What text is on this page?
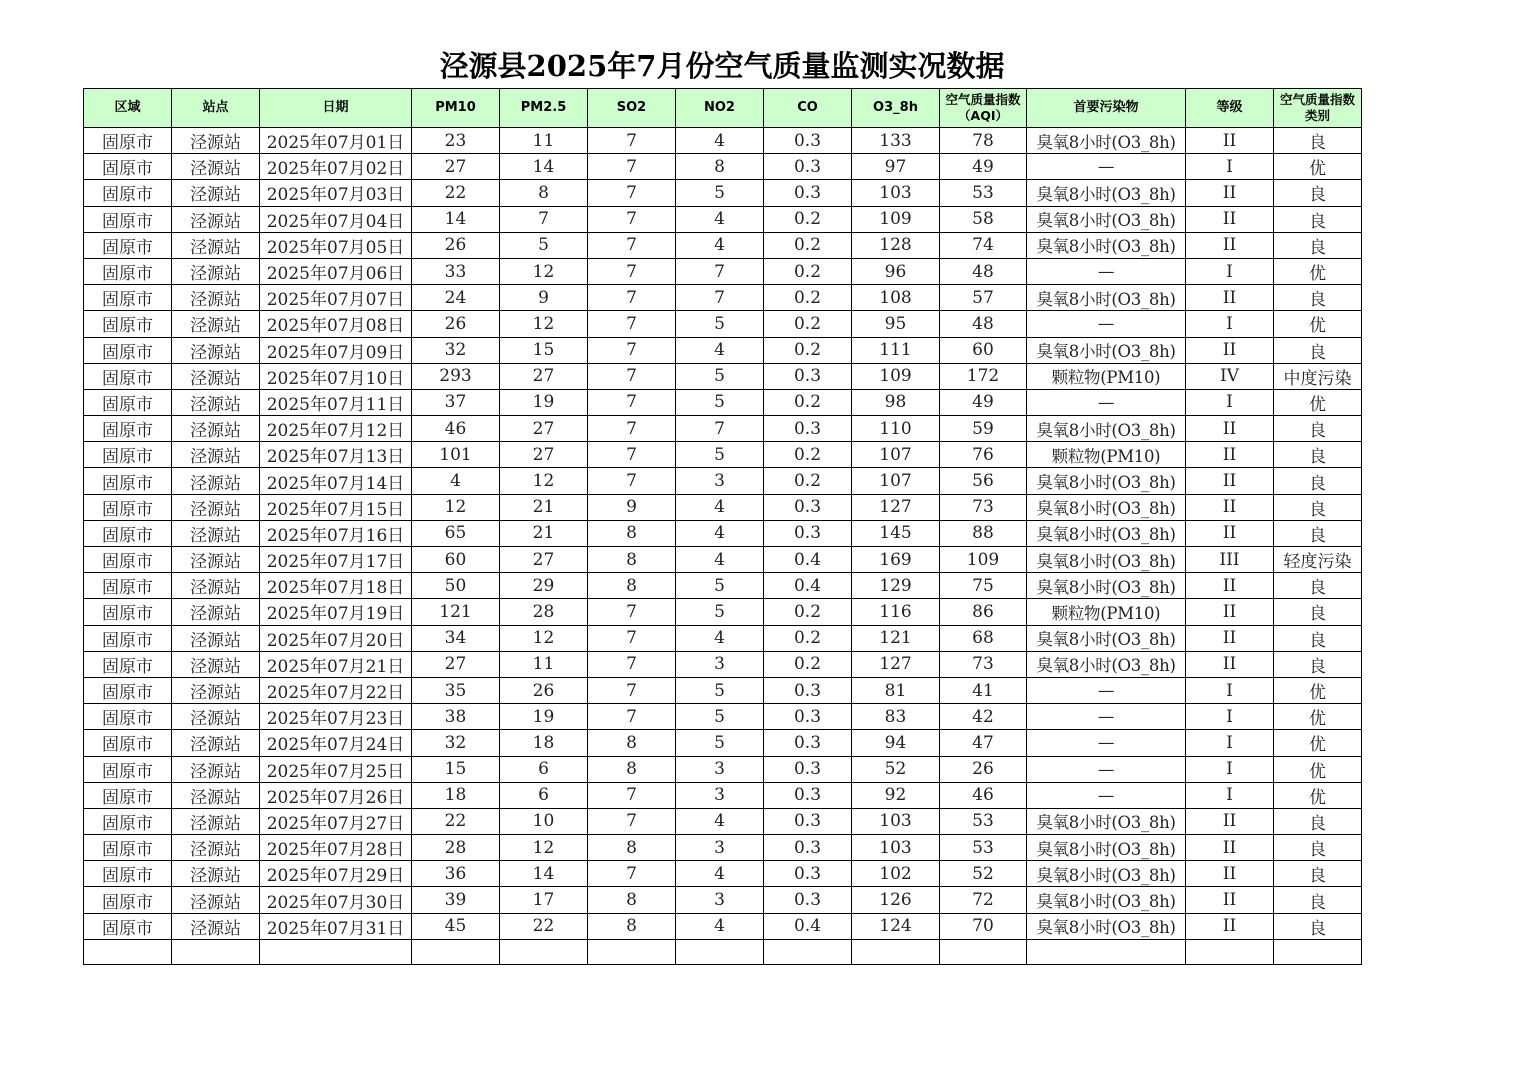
泾源县2025年7月份空气质量监测实况数据
区域	站点	日期	PM10	PM2.5	SO2	NO2	CO	O3_8h	空气质量指数（AQI）	首要污染物	等级	空气质量指数类别
固原市	泾源站	2025年07月01日	23	11	7	4	0.3	133	78	臭氧8小时(O3_8h)	II	良
固原市	泾源站	2025年07月02日	27	14	7	8	0.3	97	49	—	I	优
固原市	泾源站	2025年07月03日	22	8	7	5	0.3	103	53	臭氧8小时(O3_8h)	II	良
固原市	泾源站	2025年07月04日	14	7	7	4	0.2	109	58	臭氧8小时(O3_8h)	II	良
固原市	泾源站	2025年07月05日	26	5	7	4	0.2	128	74	臭氧8小时(O3_8h)	II	良
固原市	泾源站	2025年07月06日	33	12	7	7	0.2	96	48	—	I	优
固原市	泾源站	2025年07月07日	24	9	7	7	0.2	108	57	臭氧8小时(O3_8h)	II	良
固原市	泾源站	2025年07月08日	26	12	7	5	0.2	95	48	—	I	优
固原市	泾源站	2025年07月09日	32	15	7	4	0.2	111	60	臭氧8小时(O3_8h)	II	良
固原市	泾源站	2025年07月10日	293	27	7	5	0.3	109	172	颗粒物(PM10)	IV	中度污染
固原市	泾源站	2025年07月11日	37	19	7	5	0.2	98	49	—	I	优
固原市	泾源站	2025年07月12日	46	27	7	7	0.3	110	59	臭氧8小时(O3_8h)	II	良
固原市	泾源站	2025年07月13日	101	27	7	5	0.2	107	76	颗粒物(PM10)	II	良
固原市	泾源站	2025年07月14日	4	12	7	3	0.2	107	56	臭氧8小时(O3_8h)	II	良
固原市	泾源站	2025年07月15日	12	21	9	4	0.3	127	73	臭氧8小时(O3_8h)	II	良
固原市	泾源站	2025年07月16日	65	21	8	4	0.3	145	88	臭氧8小时(O3_8h)	II	良
固原市	泾源站	2025年07月17日	60	27	8	4	0.4	169	109	臭氧8小时(O3_8h)	III	轻度污染
固原市	泾源站	2025年07月18日	50	29	8	5	0.4	129	75	臭氧8小时(O3_8h)	II	良
固原市	泾源站	2025年07月19日	121	28	7	5	0.2	116	86	颗粒物(PM10)	II	良
固原市	泾源站	2025年07月20日	34	12	7	4	0.2	121	68	臭氧8小时(O3_8h)	II	良
固原市	泾源站	2025年07月21日	27	11	7	3	0.2	127	73	臭氧8小时(O3_8h)	II	良
固原市	泾源站	2025年07月22日	35	26	7	5	0.3	81	41	—	I	优
固原市	泾源站	2025年07月23日	38	19	7	5	0.3	83	42	—	I	优
固原市	泾源站	2025年07月24日	32	18	8	5	0.3	94	47	—	I	优
固原市	泾源站	2025年07月25日	15	6	8	3	0.3	52	26	—	I	优
固原市	泾源站	2025年07月26日	18	6	7	3	0.3	92	46	—	I	优
固原市	泾源站	2025年07月27日	22	10	7	4	0.3	103	53	臭氧8小时(O3_8h)	II	良
固原市	泾源站	2025年07月28日	28	12	8	3	0.3	103	53	臭氧8小时(O3_8h)	II	良
固原市	泾源站	2025年07月29日	36	14	7	4	0.3	102	52	臭氧8小时(O3_8h)	II	良
固原市	泾源站	2025年07月30日	39	17	8	3	0.3	126	72	臭氧8小时(O3_8h)	II	良
固原市	泾源站	2025年07月31日	45	22	8	4	0.4	124	70	臭氧8小时(O3_8h)	II	良
